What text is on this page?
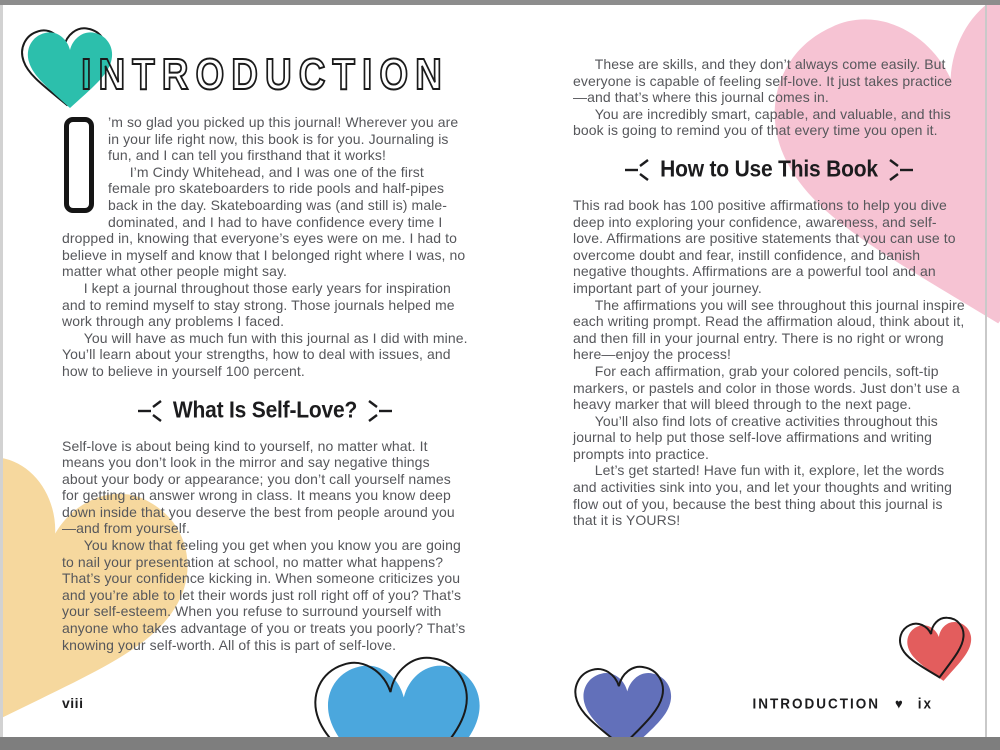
INTRODUCTION

’m so glad you picked up this journal! Wherever you are in your life right now, this book is for you. Journaling is fun, and I can tell you firsthand that it works!

I’m Cindy Whitehead, and I was one of the first female pro skateboarders to ride pools and half-pipes back in the day. Skateboarding was (and still is) male-dominated, and I had to have confidence every time I dropped in, knowing that everyone’s eyes were on me. I had to believe in myself and know that I belonged right where I was, no matter what other people might say.

I kept a journal throughout those early years for inspiration and to remind myself to stay strong. Those journals helped me work through any problems I faced.

You will have as much fun with this journal as I did with mine. You’ll learn about your strengths, how to deal with issues, and how to believe in yourself 100 percent.

What Is Self-Love?

Self-love is about being kind to yourself, no matter what. It means you don’t look in the mirror and say negative things about your body or appearance; you don’t call yourself names for getting an answer wrong in class. It means you know deep down inside that you deserve the best from people around you—and from yourself.

You know that feeling you get when you know you are going to nail your presentation at school, no matter what happens? That’s your confidence kicking in. When someone criticizes you and you’re able to let their words just roll right off of you? That’s your self-esteem. When you refuse to surround yourself with anyone who takes advantage of you or treats you poorly? That’s knowing your self-worth. All of this is part of self-love.

viii

These are skills, and they don’t always come easily. But everyone is capable of feeling self-love. It just takes practice—and that’s where this journal comes in.

You are incredibly smart, capable, and valuable, and this book is going to remind you of that every time you open it.

How to Use This Book

This rad book has 100 positive affirmations to help you dive deep into exploring your confidence, awareness, and self-love. Affirmations are positive statements that you can use to overcome doubt and fear, instill confidence, and banish negative thoughts. Affirmations are a powerful tool and an important part of your journey.

The affirmations you will see throughout this journal inspire each writing prompt. Read the affirmation aloud, think about it, and then fill in your journal entry. There is no right or wrong here—enjoy the process!

For each affirmation, grab your colored pencils, soft-tip markers, or pastels and color in those words. Just don’t use a heavy marker that will bleed through to the next page.

You’ll also find lots of creative activities throughout this journal to help put those self-love affirmations and writing prompts into practice.

Let’s get started! Have fun with it, explore, let the words and activities sink into you, and let your thoughts and writing flow out of you, because the best thing about this journal is that it is YOURS!

INTRODUCTION ♥ ix
